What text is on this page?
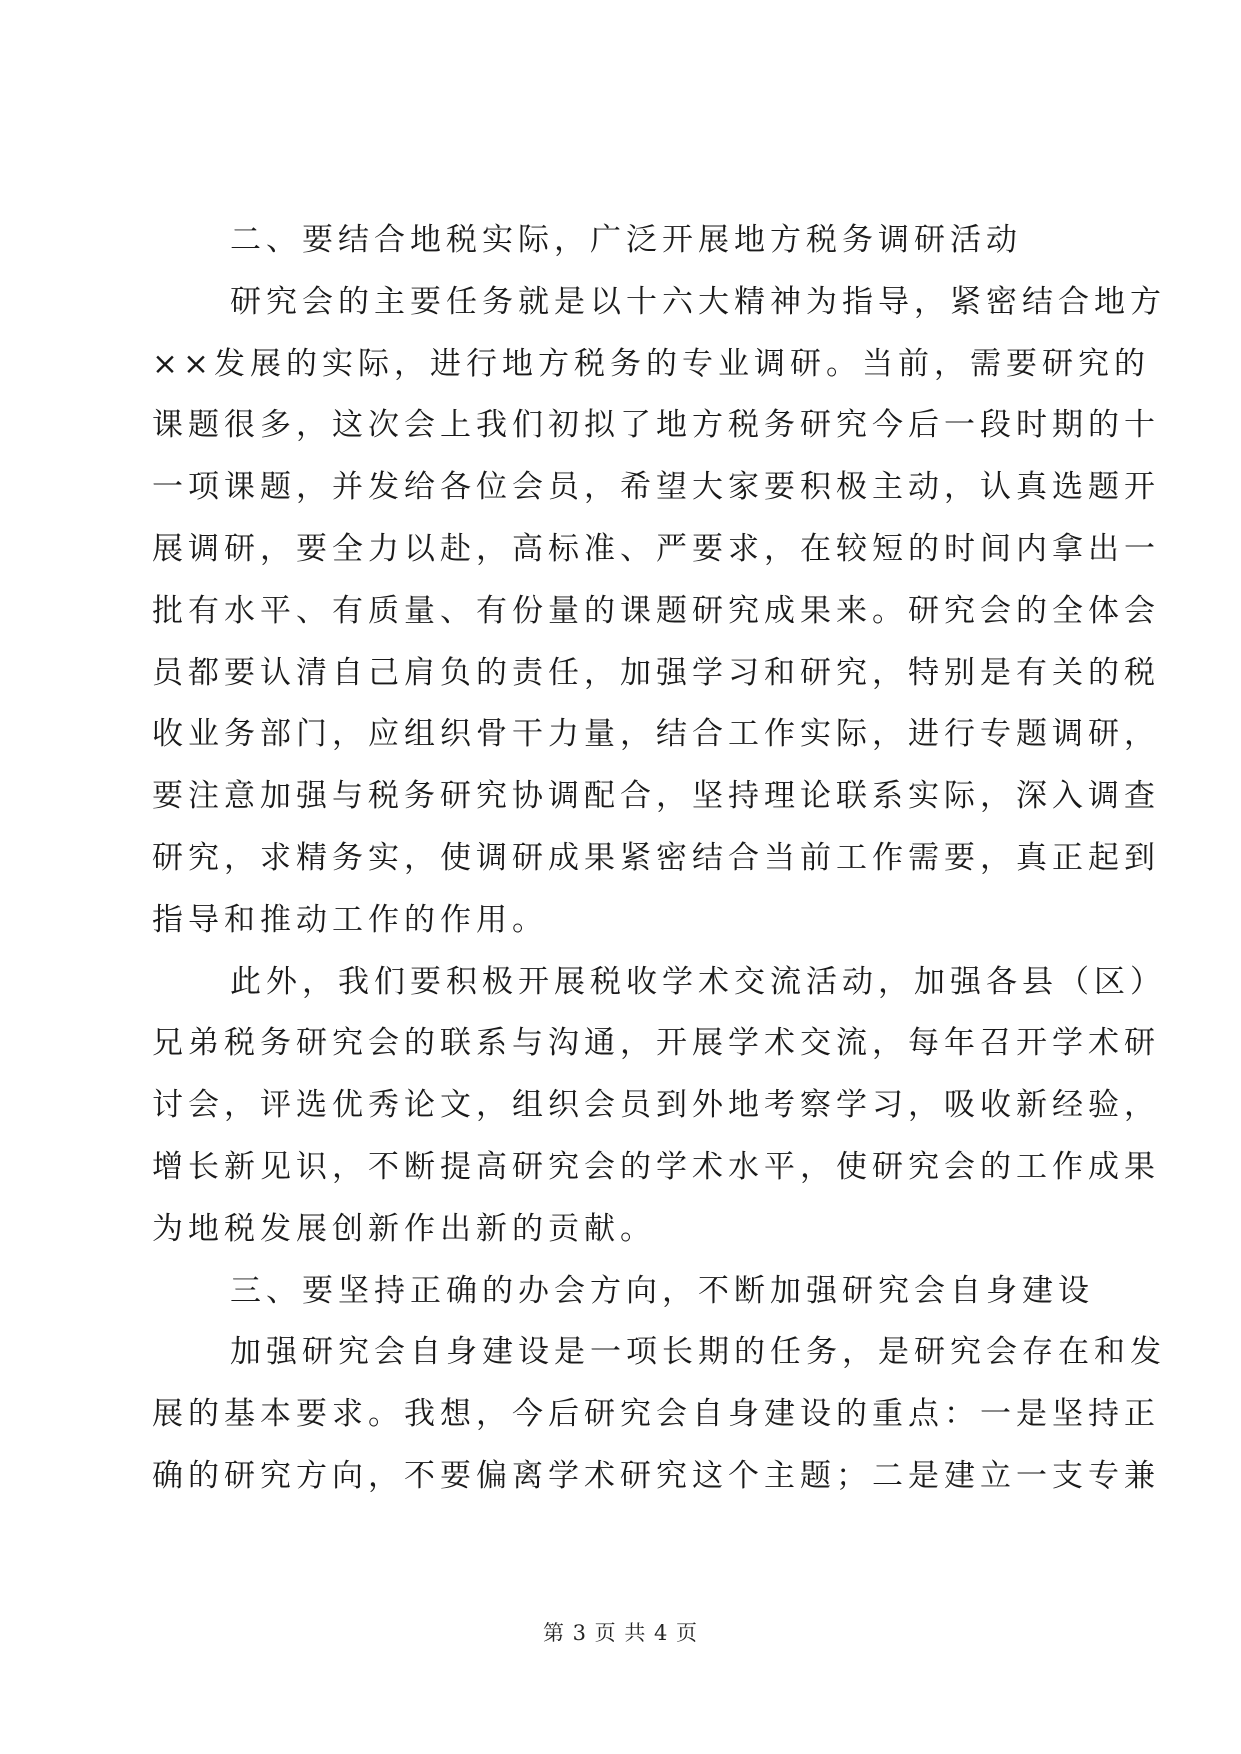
二、要结合地税实际，广泛开展地方税务调研活动
研究会的主要任务就是以十六大精神为指导，紧密结合地方
××发展的实际，进行地方税务的专业调研。当前，需要研究的
课题很多，这次会上我们初拟了地方税务研究今后一段时期的十
一项课题，并发给各位会员，希望大家要积极主动，认真选题开
展调研，要全力以赴，高标准、严要求，在较短的时间内拿出一
批有水平、有质量、有份量的课题研究成果来。研究会的全体会
员都要认清自己肩负的责任，加强学习和研究，特别是有关的税
收业务部门，应组织骨干力量，结合工作实际，进行专题调研，
要注意加强与税务研究协调配合，坚持理论联系实际，深入调查
研究，求精务实，使调研成果紧密结合当前工作需要，真正起到
指导和推动工作的作用。
此外，我们要积极开展税收学术交流活动，加强各县（区）
兄弟税务研究会的联系与沟通，开展学术交流，每年召开学术研
讨会，评选优秀论文，组织会员到外地考察学习，吸收新经验，
增长新见识，不断提高研究会的学术水平，使研究会的工作成果
为地税发展创新作出新的贡献。
三、要坚持正确的办会方向，不断加强研究会自身建设
加强研究会自身建设是一项长期的任务，是研究会存在和发
展的基本要求。我想，今后研究会自身建设的重点：一是坚持正
确的研究方向，不要偏离学术研究这个主题；二是建立一支专兼
第 3 页 共 4 页
